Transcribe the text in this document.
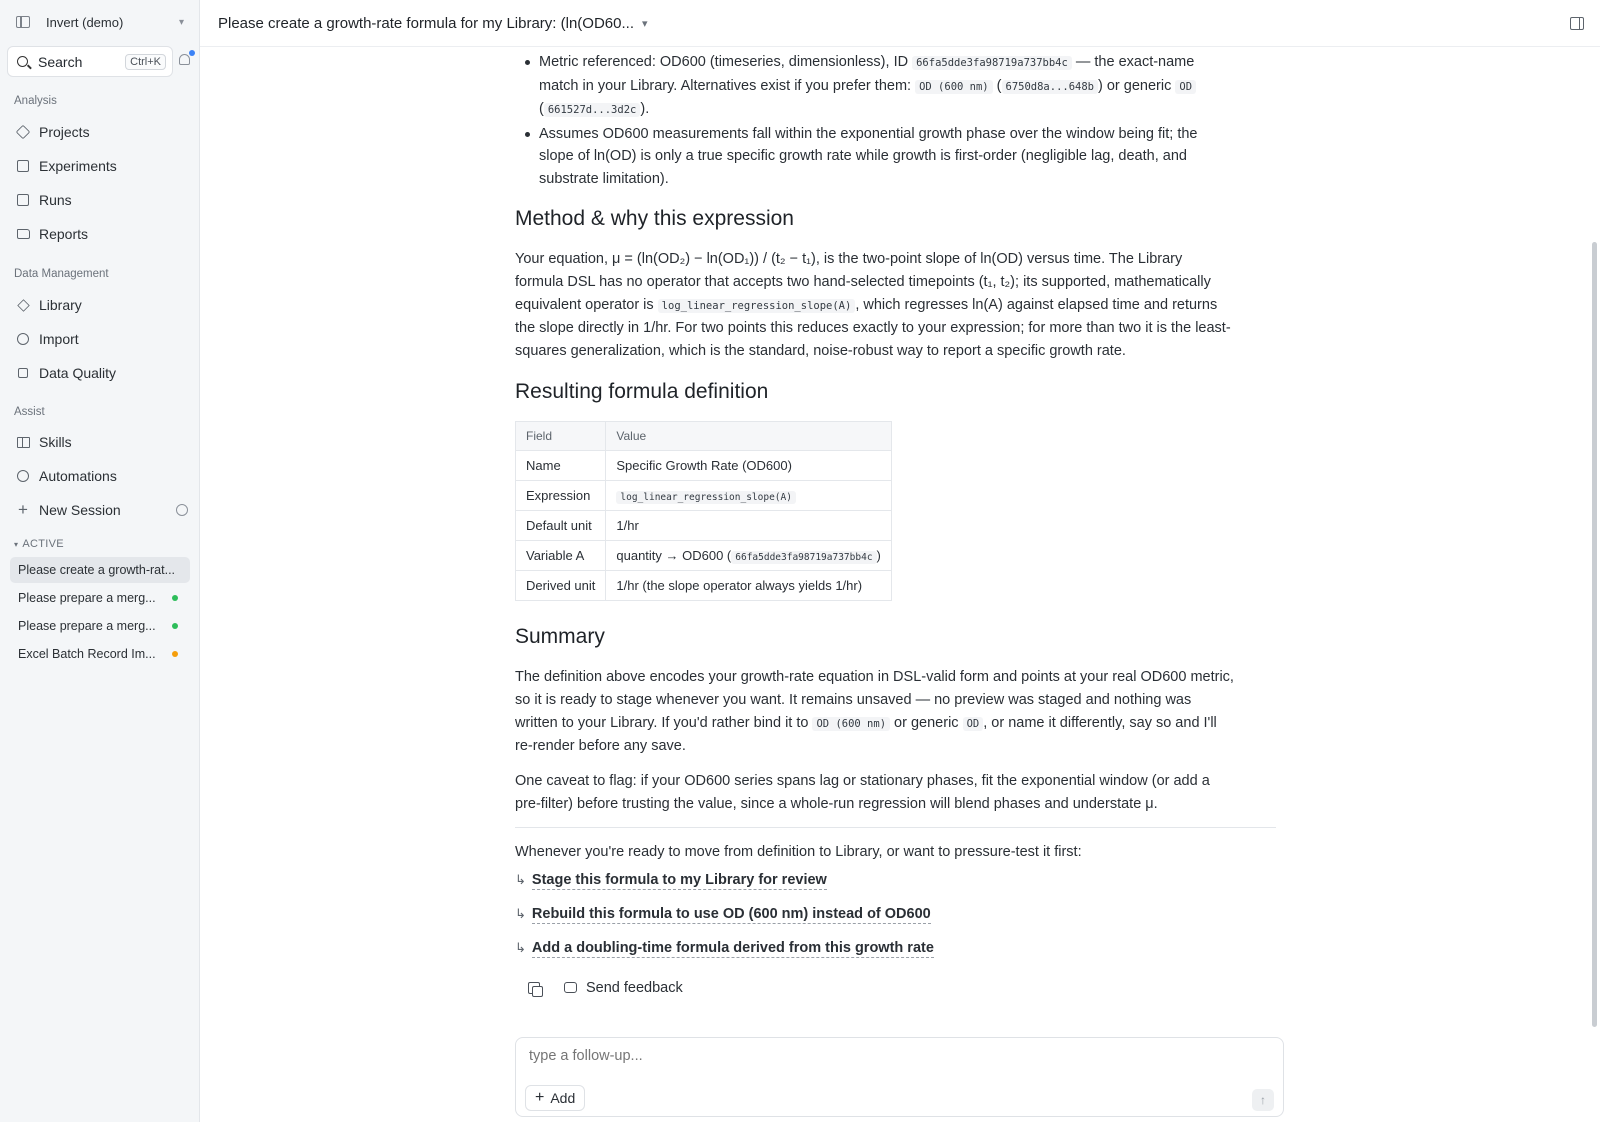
Invert (demo)	▾
Search	Ctrl+K
Analysis
Projects
Experiments
Runs
Reports
Data Management
Library
Import
Data Quality
Assist
Skills
Automations
+ New Session
▾ ACTIVE
Please create a growth-rat...
Please prepare a merg...
Please prepare a merg...
Excel Batch Record Im...
Please create a growth-rate formula for my Library: (ln(OD60... ▾
Metric referenced: OD600 (timeseries, dimensionless), ID 66fa5dde3fa98719a737bb4c — the exact-name match in your Library. Alternatives exist if you prefer them: OD (600 nm) ( 6750d8a...648b ) or generic OD ( 661527d...3d2c ).
Assumes OD600 measurements fall within the exponential growth phase over the window being fit; the slope of ln(OD) is only a true specific growth rate while growth is first-order (negligible lag, death, and substrate limitation).
Method & why this expression

Your equation, μ = (ln(OD₂) − ln(OD₁)) / (t₂ − t₁), is the two-point slope of ln(OD) versus time. The Library formula DSL has no operator that accepts two hand-selected timepoints (t₁, t₂); its supported, mathematically equivalent operator is log_linear_regression_slope(A) , which regresses ln(A) against elapsed time and returns the slope directly in 1/hr. For two points this reduces exactly to your expression; for more than two it is the least-squares generalization, which is the standard, noise-robust way to report a specific growth rate.

Resulting formula definition
Field	Value
Name	Specific Growth Rate (OD600)
Expression	log_linear_regression_slope(A)
Default unit	1/hr
Variable A	quantity → OD600 ( 66fa5dde3fa98719a737bb4c )
Derived unit	1/hr (the slope operator always yields 1/hr)
Summary

The definition above encodes your growth-rate equation in DSL-valid form and points at your real OD600 metric, so it is ready to stage whenever you want. It remains unsaved — no preview was staged and nothing was written to your Library. If you'd rather bind it to OD (600 nm) or generic OD , or name it differently, say so and I'll re-render before any save.

One caveat to flag: if your OD600 series spans lag or stationary phases, fit the exponential window (or add a pre-filter) before trusting the value, since a whole-run regression will blend phases and understate μ.

Whenever you're ready to move from definition to Library, or want to pressure-test it first:

↳ Stage this formula to my Library for review
↳ Rebuild this formula to use OD (600 nm) instead of OD600
↳ Add a doubling-time formula derived from this growth rate
Send feedback
type a follow-up...
+ Add	↑
